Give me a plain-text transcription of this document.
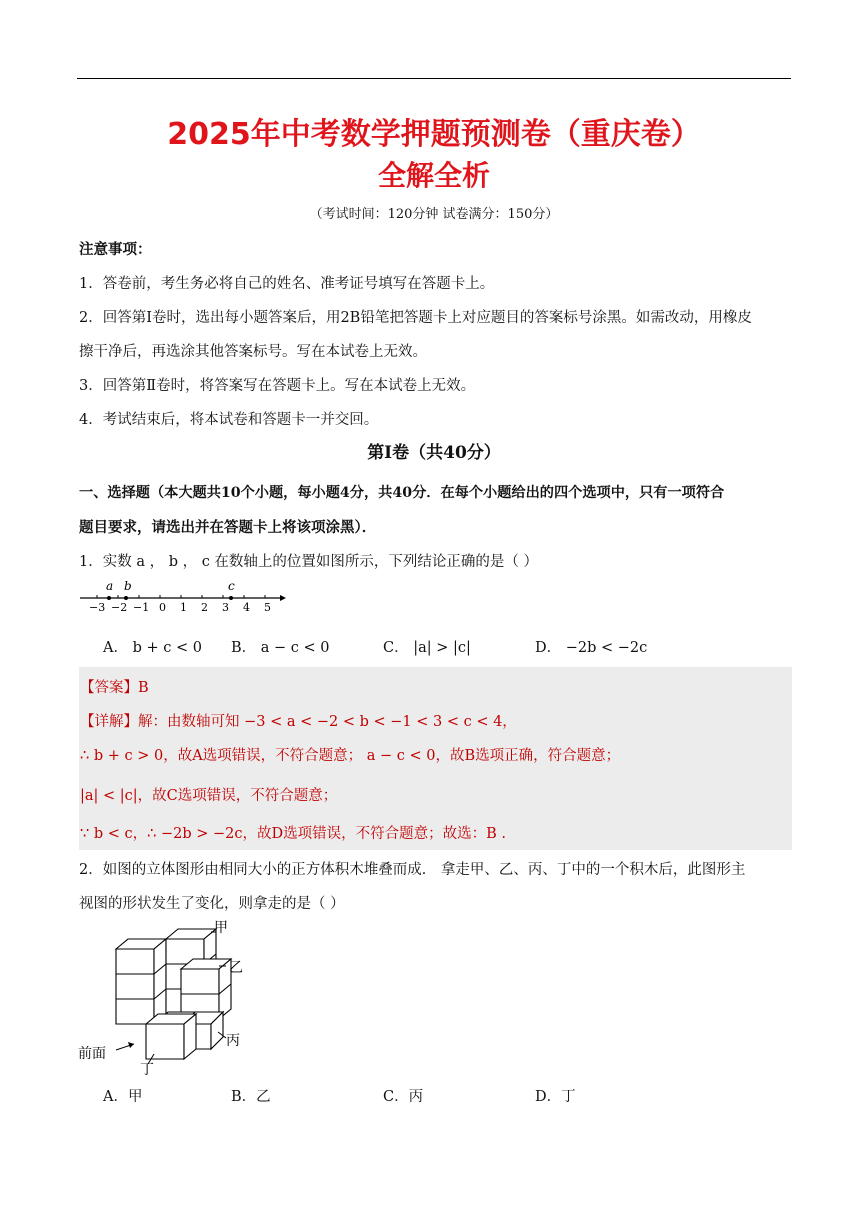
2025年中考数学押题预测卷（重庆卷）
全解全析
（考试时间：120分钟 试卷满分：150分）
注意事项：
1．答卷前，考生务必将自己的姓名、准考证号填写在答题卡上。
2．回答第Ⅰ卷时，选出每小题答案后，用2B铅笔把答题卡上对应题目的答案标号涂黑。如需改动，用橡皮
擦干净后，再选涂其他答案标号。写在本试卷上无效。
3．回答第Ⅱ卷时，将答案写在答题卡上。写在本试卷上无效。
4．考试结束后，将本试卷和答题卡一并交回。
第Ⅰ卷（共40分）
一、选择题（本大题共10个小题，每小题4分，共40分．在每个小题给出的四个选项中，只有一项符合
题目要求，请选出并在答题卡上将该项涂黑）．
1．实数 a ， b ， c 在数轴上的位置如图所示，下列结论正确的是（ ）
a b	c
−3 −2 −1 0 1 2 3 4 5
A． b + c < 0 B． a − c < 0	C． |a| > |c|	D． −2b < −2c
【答案】B
【详解】解：由数轴可知 −3 < a < −2 < b < −1 < 3 < c < 4，
∴ b + c > 0，故A选项错误，不符合题意； a − c < 0，故B选项正确，符合题意；
|a| < |c|，故C选项错误，不符合题意；
∵ b < c，∴ −2b > −2c，故D选项错误，不符合题意；故选：B .
2．如图的立体图形由相同大小的正方体积木堆叠而成． 拿走甲、乙、丙、丁中的一个积木后，此图形主
视图的形状发生了变化，则拿走的是（ ）
甲
乙
丙
丁
前面
A．甲	B．乙	C．丙	D．丁
